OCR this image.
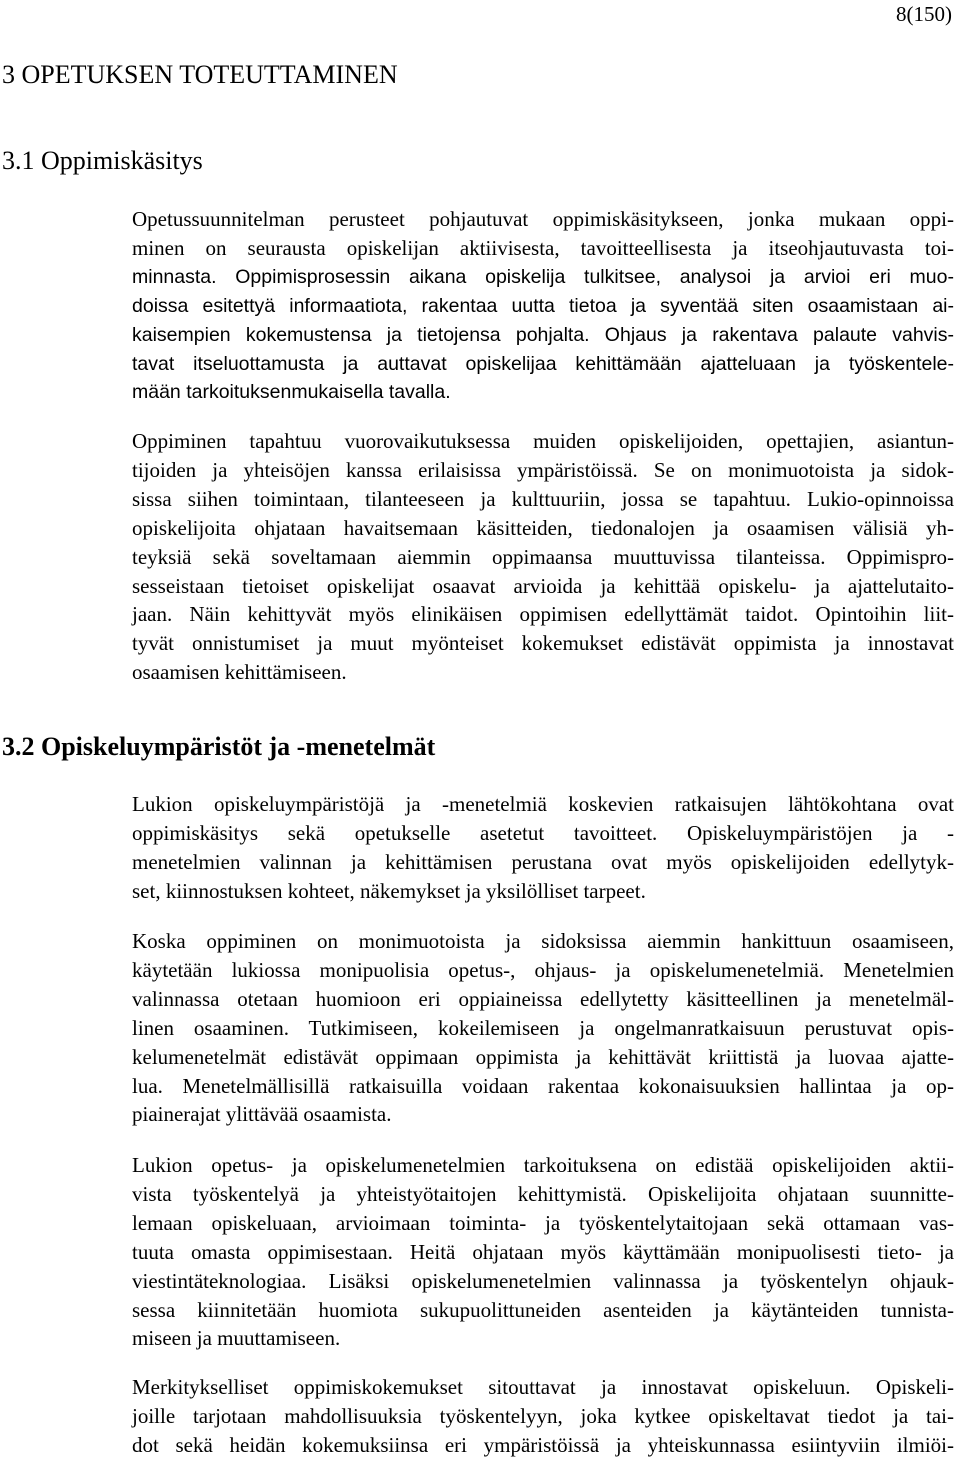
8(150)
3 OPETUKSEN TOTEUTTAMINEN
3.1 Oppimiskäsitys
Opetussuunnitelman perusteet pohjautuvat oppimiskäsitykseen, jonka mukaan oppi-
minen on seurausta opiskelijan aktiivisesta, tavoitteellisesta ja itseohjautuvasta toi-
minnasta. Oppimisprosessin aikana opiskelija tulkitsee, analysoi ja arvioi eri muo-
doissa esitettyä informaatiota, rakentaa uutta tietoa ja syventää siten osaamistaan ai-
kaisempien kokemustensa ja tietojensa pohjalta. Ohjaus ja rakentava palaute vahvis-
tavat itseluottamusta ja auttavat opiskelijaa kehittämään ajatteluaan ja työskentele-
mään tarkoituksenmukaisella tavalla.
Oppiminen tapahtuu vuorovaikutuksessa muiden opiskelijoiden, opettajien, asiantun-
tijoiden ja yhteisöjen kanssa erilaisissa ympäristöissä. Se on monimuotoista ja sidok-
sissa siihen toimintaan, tilanteeseen ja kulttuuriin, jossa se tapahtuu. Lukio-opinnoissa
opiskelijoita ohjataan havaitsemaan käsitteiden, tiedonalojen ja osaamisen välisiä yh-
teyksiä sekä soveltamaan aiemmin oppimaansa muuttuvissa tilanteissa. Oppimispro-
sesseistaan tietoiset opiskelijat osaavat arvioida ja kehittää opiskelu- ja ajattelutaito-
jaan. Näin kehittyvät myös elinikäisen oppimisen edellyttämät taidot. Opintoihin liit-
tyvät onnistumiset ja muut myönteiset kokemukset edistävät oppimista ja innostavat
osaamisen kehittämiseen.
3.2 Opiskeluympäristöt ja -menetelmät
Lukion opiskeluympäristöjä ja -menetelmiä koskevien ratkaisujen lähtökohtana ovat
oppimiskäsitys sekä opetukselle asetetut tavoitteet. Opiskeluympäristöjen ja -
menetelmien valinnan ja kehittämisen perustana ovat myös opiskelijoiden edellytyk-
set, kiinnostuksen kohteet, näkemykset ja yksilölliset tarpeet.
Koska oppiminen on monimuotoista ja sidoksissa aiemmin hankittuun osaamiseen,
käytetään lukiossa monipuolisia opetus-, ohjaus- ja opiskelumenetelmiä. Menetelmien
valinnassa otetaan huomioon eri oppiaineissa edellytetty käsitteellinen ja menetelmäl-
linen osaaminen. Tutkimiseen, kokeilemiseen ja ongelmanratkaisuun perustuvat opis-
kelumenetelmät edistävät oppimaan oppimista ja kehittävät kriittistä ja luovaa ajatte-
lua. Menetelmällisillä ratkaisuilla voidaan rakentaa kokonaisuuksien hallintaa ja op-
piainerajat ylittävää osaamista.
Lukion opetus- ja opiskelumenetelmien tarkoituksena on edistää opiskelijoiden aktii-
vista työskentelyä ja yhteistyötaitojen kehittymistä. Opiskelijoita ohjataan suunnitte-
lemaan opiskeluaan, arvioimaan toiminta- ja työskentelytaitojaan sekä ottamaan vas-
tuuta omasta oppimisestaan. Heitä ohjataan myös käyttämään monipuolisesti tieto- ja
viestintäteknologiaa. Lisäksi opiskelumenetelmien valinnassa ja työskentelyn ohjauk-
sessa kiinnitetään huomiota sukupuolittuneiden asenteiden ja käytänteiden tunnista-
miseen ja muuttamiseen.
Merkitykselliset oppimiskokemukset sitouttavat ja innostavat opiskeluun. Opiskeli-
joille tarjotaan mahdollisuuksia työskentelyyn, joka kytkee opiskeltavat tiedot ja tai-
dot sekä heidän kokemuksiinsa eri ympäristöissä ja yhteiskunnassa esiintyviin ilmiöi-
